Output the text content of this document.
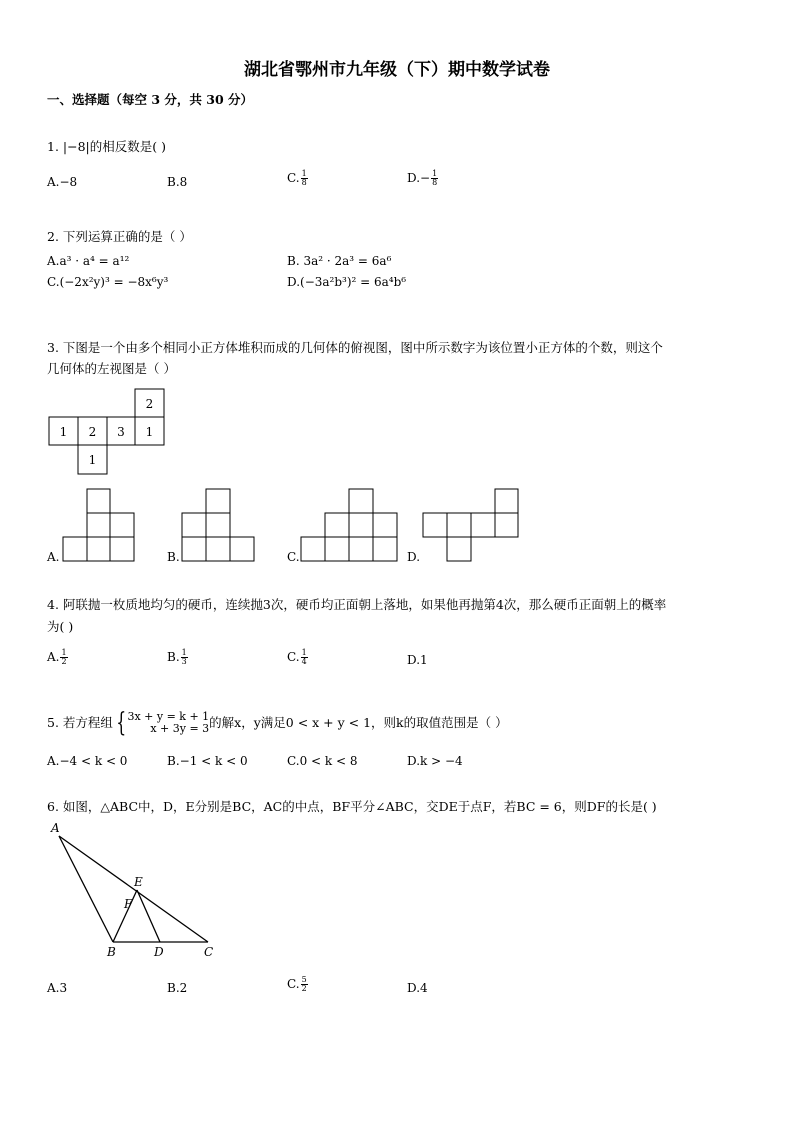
湖北省鄂州市九年级（下）期中数学试卷
一、选择题（每空 3 分，共 30 分）
1. |−8|的相反数是( )
A.−8	B.8	C. $\frac{1}{8}$	$D.- \frac{1}{8}$
2. 下列运算正确的是（ ）
A.a³ · a⁴ = a¹²	B. 3a² · 2a³ = 6a⁶
C.(−2x²y)³ = −8x⁶y³	D.(−3a²b³)² = 6a⁴b⁶
3. 下图是一个由多个相同小正方体堆积而成的几何体的俯视图，图中所示数字为该位置小正方体的个数，则这个
几何体的左视图是（ ）
2
1 2 3 1
1
A
E
F
B	D	C
A.	B.	C.	D.
4. 阿联抛一枚质地均匀的硬币，连续抛3次，硬币均正面朝上落地，如果他再抛第4次，那么硬币正面朝上的概率
为( )
A. $\frac{1}{2}$	B. $\frac{1}{3}$	C. $\frac{1}{4}$	D.1
5. 若方程组 { 3x + y = k + 1
x + 3y = 3 的解x，y满足0 < x + y < 1，则k的取值范围是（ ）
A.−4 < k < 0	B.−1 < k < 0	C.0 < k < 8	D.k > −4
6. 如图，△ABC中，D，E分别是BC，AC的中点，BF平分∠ABC，交DE于点F，若BC = 6，则DF的长是( )
A.3	B.2	C. $\frac{5}{2}$	D.4
